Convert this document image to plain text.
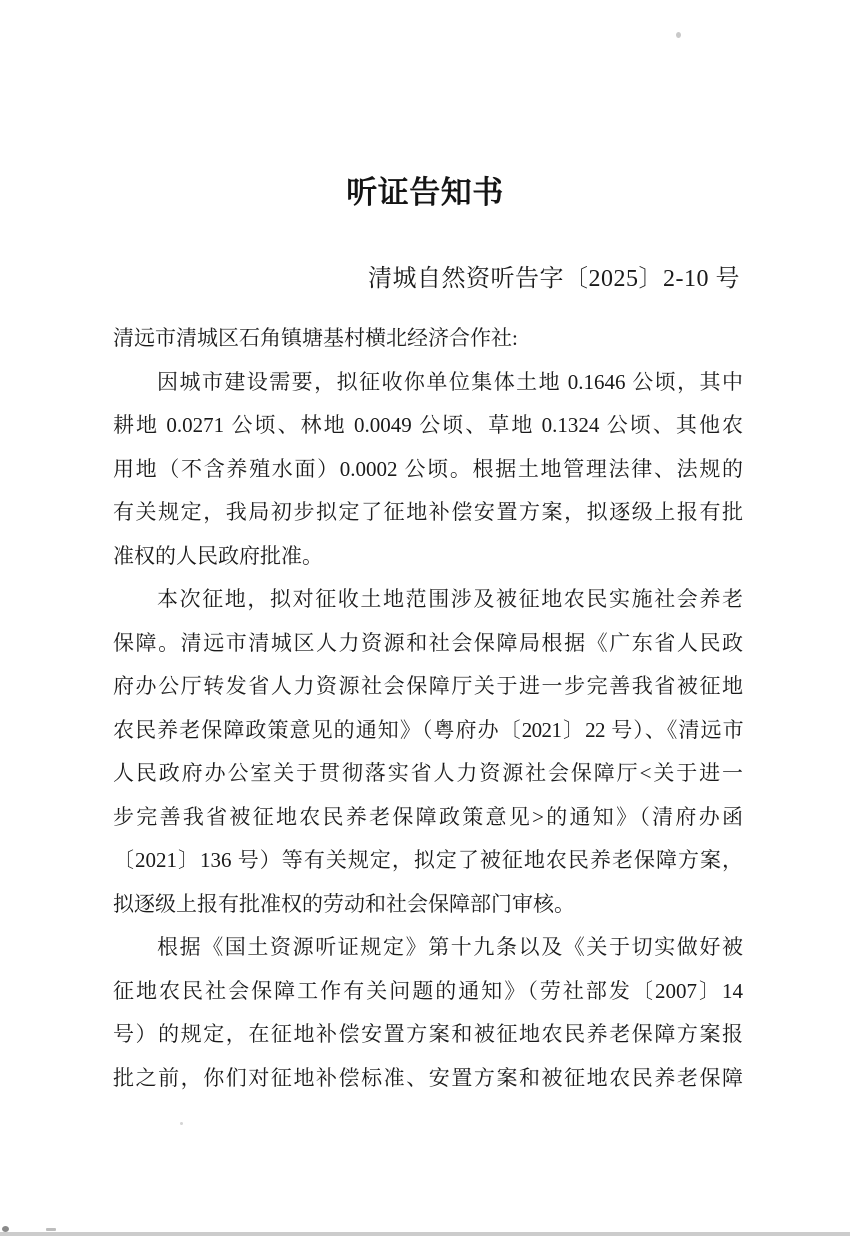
听证告知书
清城自然资听告字〔2025〕2-10 号
清远市清城区石角镇塘基村横北经济合作社:
因城市建设需要，拟征收你单位集体土地 0.1646 公顷，其中
耕地 0.0271 公顷、林地 0.0049 公顷、草地 0.1324 公顷、其他农
用地（不含养殖水面）0.0002 公顷。根据土地管理法律、法规的
有关规定，我局初步拟定了征地补偿安置方案，拟逐级上报有批
准权的人民政府批准。
本次征地，拟对征收土地范围涉及被征地农民实施社会养老
保障。清远市清城区人力资源和社会保障局根据《广东省人民政
府办公厅转发省人力资源社会保障厅关于进一步完善我省被征地
农民养老保障政策意见的通知》（粤府办〔2021〕22 号）、《清远市
人民政府办公室关于贯彻落实省人力资源社会保障厅<关于进一
步完善我省被征地农民养老保障政策意见>的通知》（清府办函
〔2021〕136 号）等有关规定，拟定了被征地农民养老保障方案，
拟逐级上报有批准权的劳动和社会保障部门审核。
根据《国土资源听证规定》第十九条以及《关于切实做好被
征地农民社会保障工作有关问题的通知》（劳社部发〔2007〕14
号）的规定，在征地补偿安置方案和被征地农民养老保障方案报
批之前，你们对征地补偿标准、安置方案和被征地农民养老保障
